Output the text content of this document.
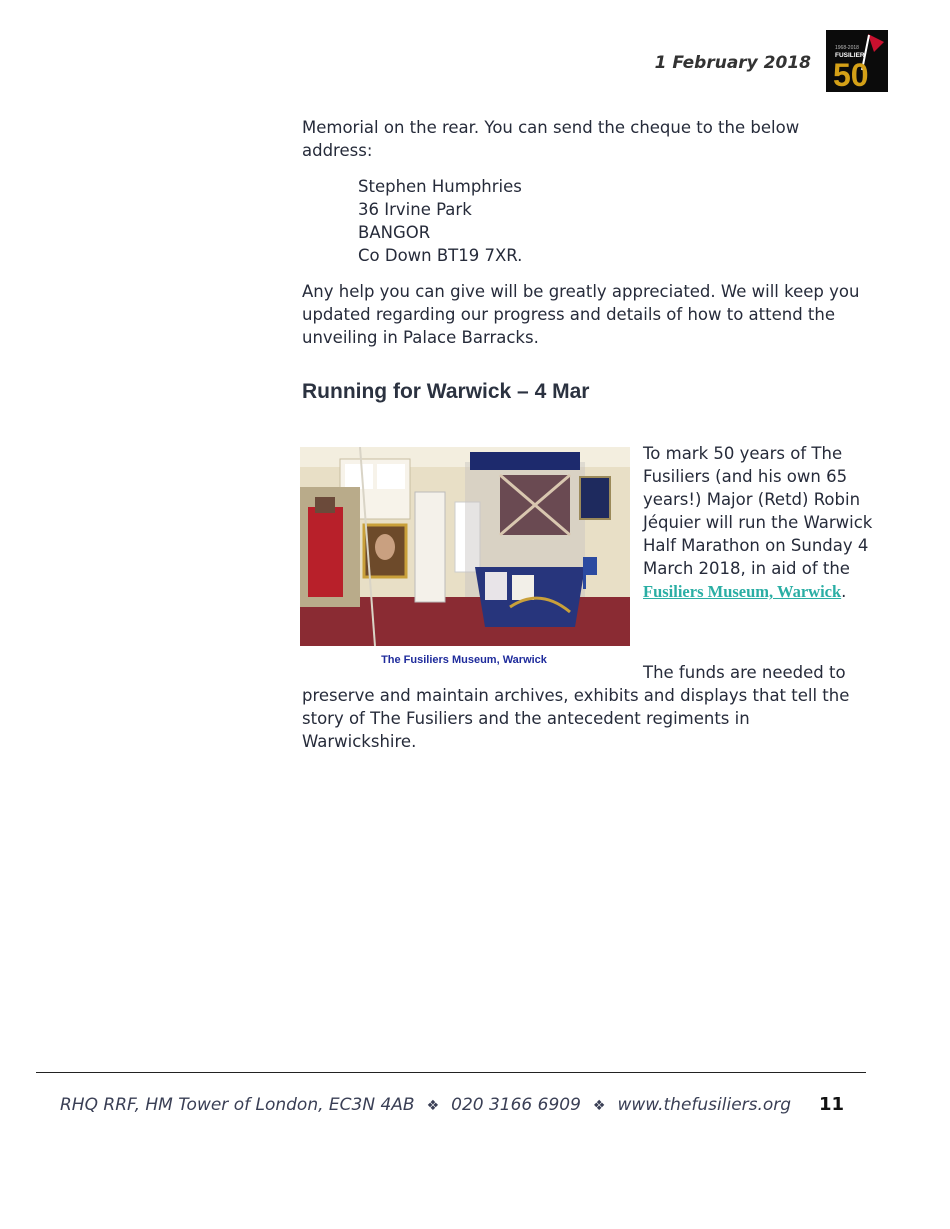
1 February 2018
1968-2018
FUSILIER
50

Memorial on the rear. You can send the cheque to the below address:

Stephen Humphries
36 Irvine Park
BANGOR
Co Down BT19 7XR.

Any help you can give will be greatly appreciated. We will keep you updated regarding our progress and details of how to attend the unveiling in Palace Barracks.

Running for Warwick – 4 Mar
The Fusiliers Museum, Warwick
To mark 50 years of The Fusiliers (and his own 65 years!) Major (Retd) Robin Jéquier will run the Warwick Half Marathon on Sunday 4 March 2018, in aid of the Fusiliers Museum, Warwick.

The funds are needed to preserve and maintain archives, exhibits and displays that tell the story of The Fusiliers and the antecedent regiments in Warwickshire.

RHQ RRF, HM Tower of London, EC3N 4AB ❖ 020 3166 6909 ❖ www.thefusiliers.org 11
